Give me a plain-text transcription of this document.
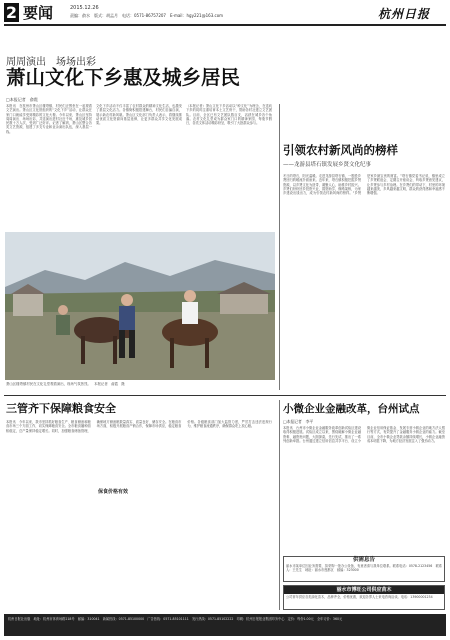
2 要闻	2015.12.26
责编：俞水　版式：胡孟月　电话：0571-86757207　E-mail：hgy221@163.com	杭州日报
周周演出　场场出彩
萧山文化下乡惠及城乡居民
□本报记者　俞霞
本报讯　在杭州市萧山区楼塔镇，村民们正围坐在一起观看文艺演出。萧山区文化馆组织的“文化下乡”活动，让群众在家门口就能享受到精彩的文化大餐。今年以来，萧山区坚持周周演出、场场出彩，共送演出进村社近千场，惠及城乡居民数十万人次，受到广泛好评。记者了解到，萧山区整合各类文艺资源，组建了多支专业和业余演出队伍，深入基层一线。
文化下乡活动不仅丰富了农村群众的精神文化生活，也激发了基层文化活力。各镇街积极搭建舞台，村民们自编自演，展示新农村新风貌。萧山区文化部门负责人表示，将继续推动优质文化资源向基层延伸，让更多群众共享文化发展成果。
（本报记者）萧山文化下乡活动以“种文化”为理念，在送戏下乡的同时注重培育本土文艺骨干，帮助各村社建立文艺团队。目前，全区已有文艺团队数百支，活跃在城乡各个角落。农村文化礼堂成为群众家门口的精神家园，每逢节假日，各类文体活动精彩纷呈，吸引了大批群众参与。
萧山区楼塔镇村民在文化礼堂观看演出，现场气氛热烈。　本报记者　俞霞　摄
引领农村新风尚的榜样
——龙游县塔石镇发展乡贤文化纪事
冬日的塔石，阳光温暖。走进龙游县塔石镇，一股股乡贤回归的暖流扑面而来。近年来，塔石镇积极挖掘乡贤资源，以乡贤文化为纽带，凝聚人心，助推乡村振兴。乡贤们纷纷回乡投资兴业，捐资助学，修路架桥，为家乡建设出钱出力，成为引领农村新风尚的榜样。“乡贤是家乡最宝贵的财富。”塔石镇党委书记说，镇里成立了乡贤联谊会，定期召开座谈会，听取乡贤意见建议，让乡贤参与乡村治理。在乡贤们的带动下，村里的环境越来越美，乡风越来越文明，群众的获得感和幸福感不断增强。
三管齐下保障粮食安全
本报讯　今年以来，我市坚持抓好粮食生产、粮食储备和粮食市场三个方面工作，切实保障粮食安全。全市粮食播种面积稳定，总产量保持稳定增长。同时，加强粮食储备管理，确保地方储备粮数量真实、质量良好、储存安全。在粮食市场方面，积极开展粮食产销合作，保障市场供应，稳定粮食价格。各级粮食部门加大监管力度，严厉打击违法违规行为，维护粮食流通秩序，确保群众吃上放心粮。
保食价格有效
小微企业金融改革，台州试点
□本报记者　李平
本报讯　台州市小微企业金融服务改革创新试验区建设取得积极进展。试验区成立以来，围绕破解小微企业融资难、融资贵问题，大胆探索，先行先试，推出了一系列创新举措。台州通过建立信用信息共享平台、设立小微企业信用保证基金、发展专营小微企业的地方法人银行等方式，有效提升了金融服务小微企业的能力。截至目前，全市小微企业贷款余额持续增长，小微企业融资成本明显下降，为地方经济发展注入了强劲动力。
供需息告
丽水市某单位因业务需要，拟采购一批办公设备，有意者请与我单位联系。联系电话：0578-2123456　联系人：王先生　地址：丽水市莲都区　邮编：323000
丽水市博旺公司供应苗木
公司常年供应各类绿化苗木，品种齐全，价格优惠，欢迎各界人士来电咨询洽谈。电话：13900001234
杭州日报社出版　地址：杭州市体育场路218号　邮编：310041　新闻热线：0571-85100000　广告热线：0571-85101111　发行热线：0571-85102222　印刷：杭州日报报业集团印务中心　定价：每份1.00元　全年订价：360元
